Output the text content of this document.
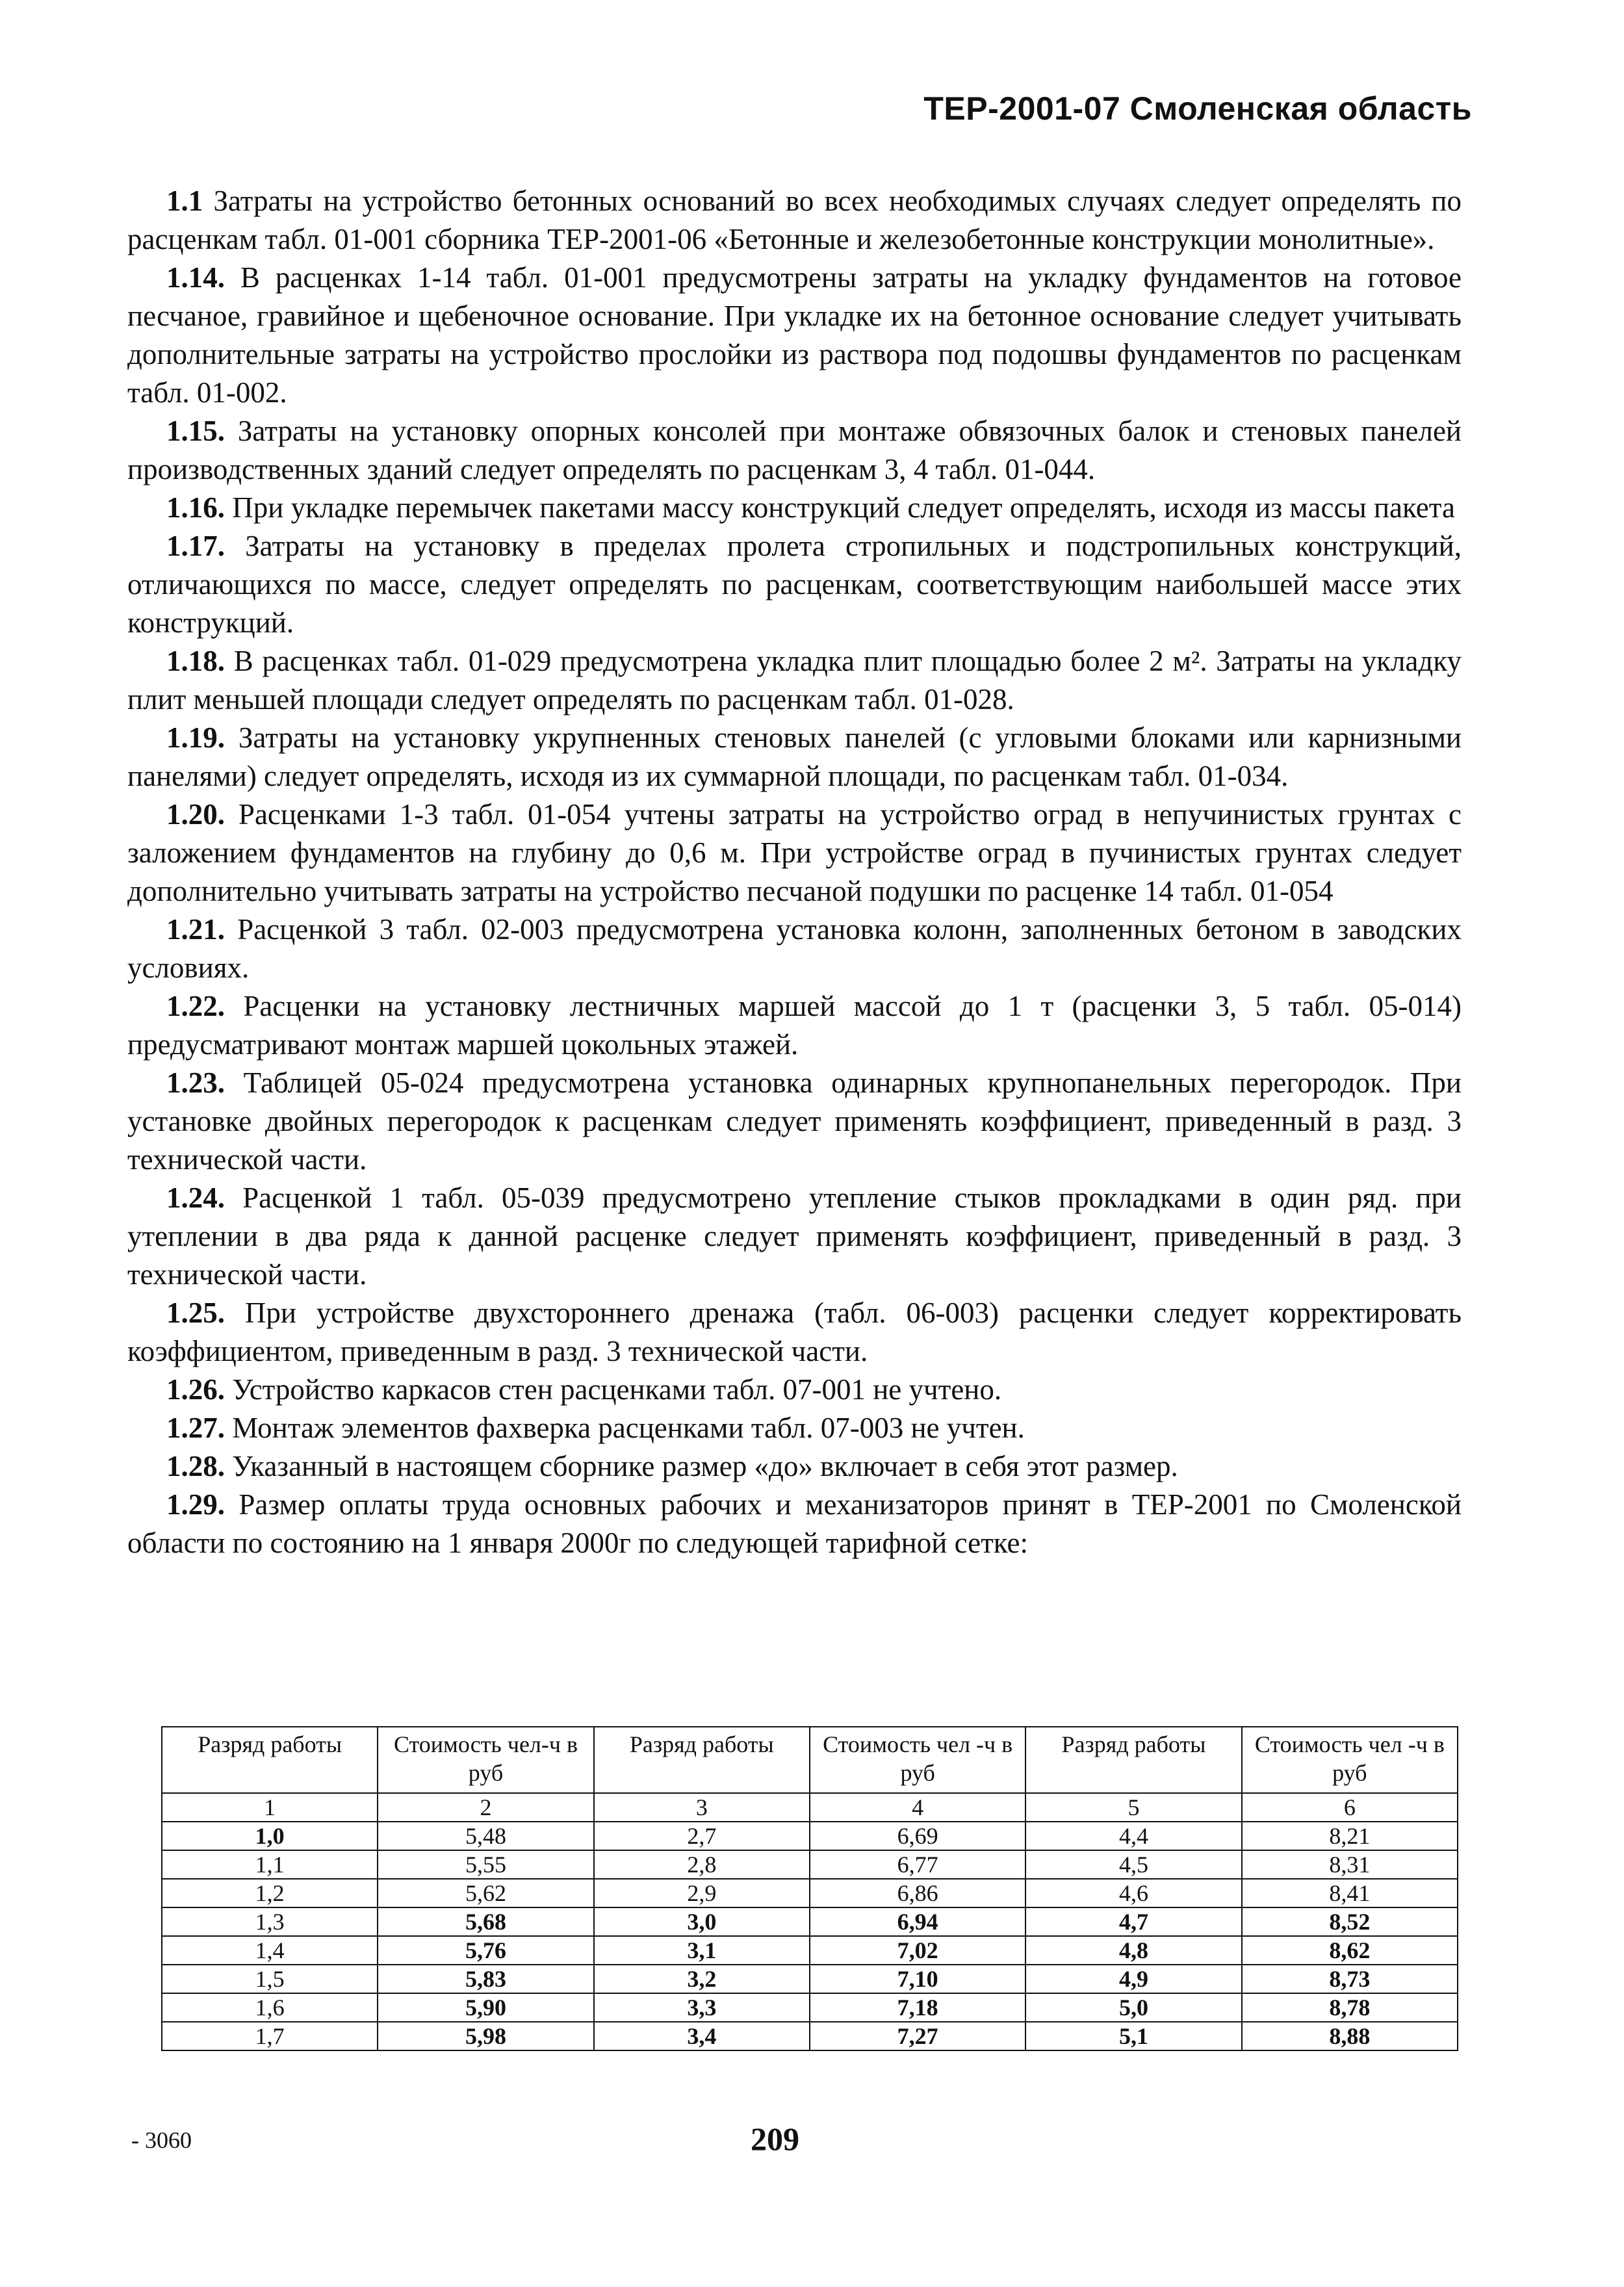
ТЕР-2001-07 Смоленская область

1.1 Затраты на устройство бетонных оснований во всех необходимых случаях следует определять по расценкам табл. 01-001 сборника ТЕР-2001-06 «Бетонные и железобетонные конструкции монолитные».

1.14. В расценках 1-14 табл. 01-001 предусмотрены затраты на укладку фундаментов на готовое песчаное, гравийное и щебеночное основание. При укладке их на бетонное основание следует учитывать дополнительные затраты на устройство прослойки из раствора под подошвы фундаментов по расценкам табл. 01-002.

1.15. Затраты на установку опорных консолей при монтаже обвязочных балок и стеновых панелей производственных зданий следует определять по расценкам 3, 4 табл. 01-044.

1.16. При укладке перемычек пакетами массу конструкций следует определять, исходя из массы пакета

1.17. Затраты на установку в пределах пролета стропильных и подстропильных конструкций, отличающихся по массе, следует определять по расценкам, соответствующим наибольшей массе этих конструкций.

1.18. В расценках табл. 01-029 предусмотрена укладка плит площадью более 2 м². Затраты на укладку плит меньшей площади следует определять по расценкам табл. 01-028.

1.19. Затраты на установку укрупненных стеновых панелей (с угловыми блоками или карнизными панелями) следует определять, исходя из их суммарной площади, по расценкам табл. 01-034.

1.20. Расценками 1-3 табл. 01-054 учтены затраты на устройство оград в непучинистых грунтах с заложением фундаментов на глубину до 0,6 м. При устройстве оград в пучинистых грунтах следует дополнительно учитывать затраты на устройство песчаной подушки по расценке 14 табл. 01-054

1.21. Расценкой 3 табл. 02-003 предусмотрена установка колонн, заполненных бетоном в заводских условиях.

1.22. Расценки на установку лестничных маршей массой до 1 т (расценки 3, 5 табл. 05-014) предусматривают монтаж маршей цокольных этажей.

1.23. Таблицей 05-024 предусмотрена установка одинарных крупнопанельных перегородок. При установке двойных перегородок к расценкам следует применять коэффициент, приведенный в разд. 3 технической части.

1.24. Расценкой 1 табл. 05-039 предусмотрено утепление стыков прокладками в один ряд. при утеплении в два ряда к данной расценке следует применять коэффициент, приведенный в разд. 3 технической части.

1.25. При устройстве двухстороннего дренажа (табл. 06-003) расценки следует корректировать коэффициентом, приведенным в разд. 3 технической части.

1.26. Устройство каркасов стен расценками табл. 07-001 не учтено.

1.27. Монтаж элементов фахверка расценками табл. 07-003 не учтен.

1.28. Указанный в настоящем сборнике размер «до» включает в себя этот размер.

1.29. Размер оплаты труда основных рабочих и механизаторов принят в ТЕР-2001 по Смоленской области по состоянию на 1 января 2000г по следующей тарифной сетке:

Разряд работы	Стоимость чел-ч в руб	Разряд работы	Стоимость чел -ч в руб	Разряд работы	Стоимость чел -ч в руб
1	2	3	4	5	6
1,0	5,48	2,7	6,69	4,4	8,21
1,1	5,55	2,8	6,77	4,5	8,31
1,2	5,62	2,9	6,86	4,6	8,41
1,3	5,68	3,0	6,94	4,7	8,52
1,4	5,76	3,1	7,02	4,8	8,62
1,5	5,83	3,2	7,10	4,9	8,73
1,6	5,90	3,3	7,18	5,0	8,78
1,7	5,98	3,4	7,27	5,1	8,88
- 3060	209
